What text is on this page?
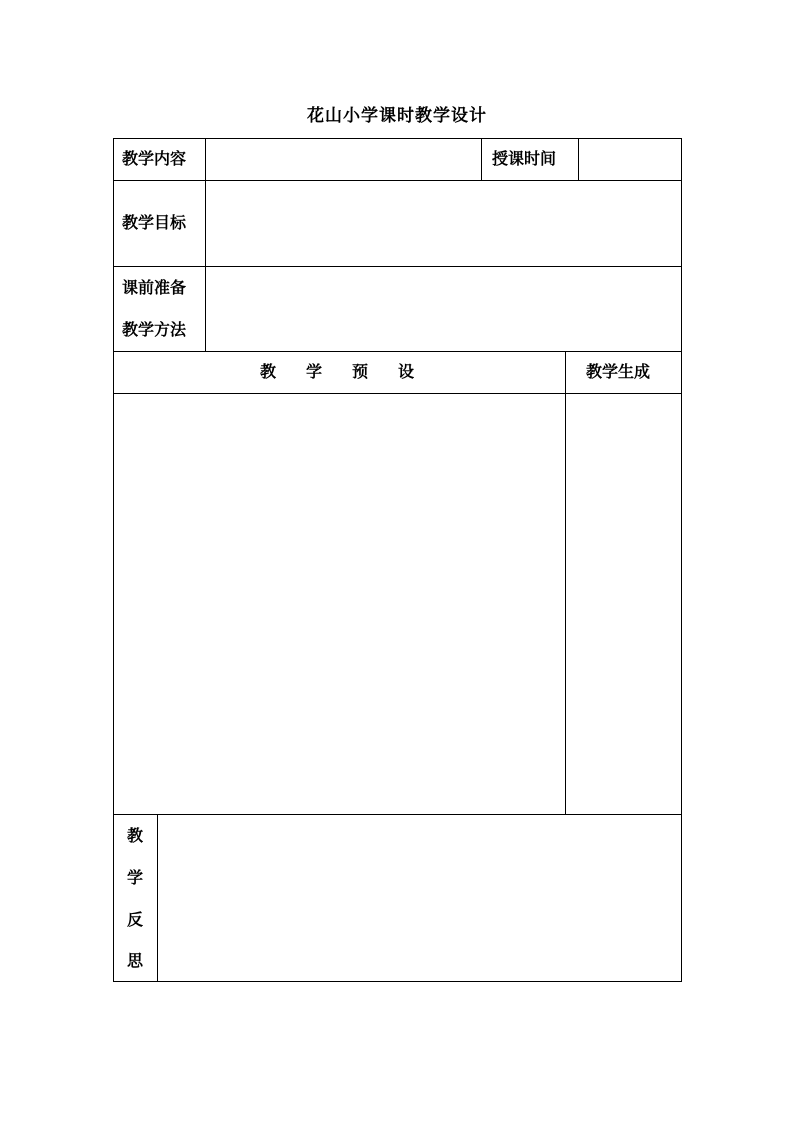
花山小学课时教学设计
教学内容	授课时间
教学目标
课前准备
教学方法
教 学 预 设	教学生成
教
学
反
思
